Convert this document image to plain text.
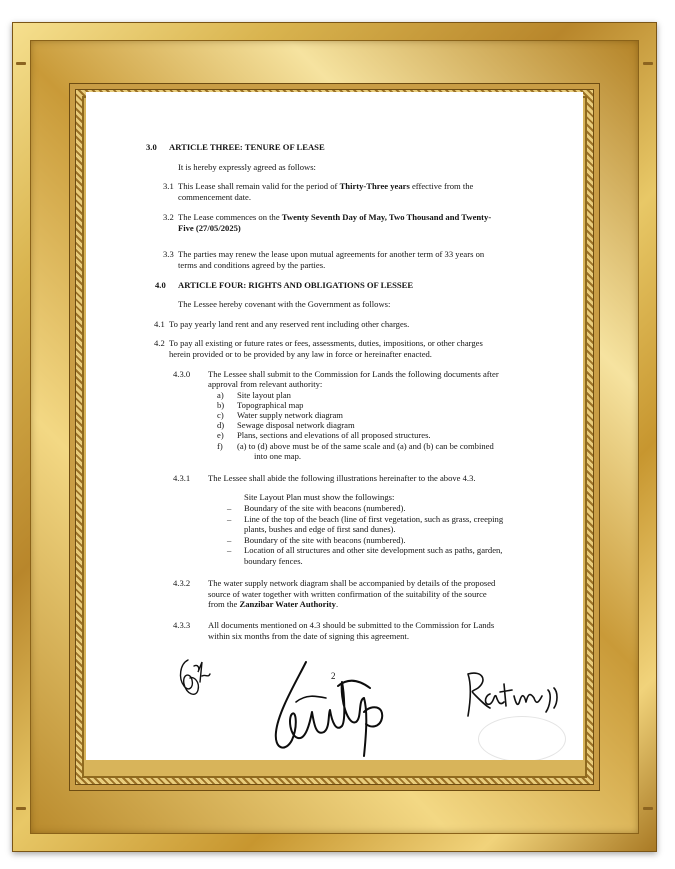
3.0 ARTICLE THREE: TENURE OF LEASE
It is hereby expressly agreed as follows:
3.1 This Lease shall remain valid for the period of Thirty-Three years effective from the
commencement date.
3.2 The Lease commences on the Twenty Seventh Day of May, Two Thousand and Twenty-
Five (27/05/2025)
3.3 The parties may renew the lease upon mutual agreements for another term of 33 years on
terms and conditions agreed by the parties.
4.0 ARTICLE FOUR: RIGHTS AND OBLIGATIONS OF LESSEE
The Lessee hereby covenant with the Government as follows:
4.1 To pay yearly land rent and any reserved rent including other charges.
4.2 To pay all existing or future rates or fees, assessments, duties, impositions, or other charges
herein provided or to be provided by any law in force or hereinafter enacted.
4.3.0 The Lessee shall submit to the Commission for Lands the following documents after
approval from relevant authority:
a) Site layout plan
b) Topographical map
c) Water supply network diagram
d) Sewage disposal network diagram
e) Plans, sections and elevations of all proposed structures.
f) (a) to (d) above must be of the same scale and (a) and (b) can be combined
into one map.
4.3.1 The Lessee shall abide the following illustrations hereinafter to the above 4.3.
Site Layout Plan must show the followings:
– Boundary of the site with beacons (numbered).
– Line of the top of the beach (line of first vegetation, such as grass, creeping
plants, bushes and edge of first sand dunes).
– Boundary of the site with beacons (numbered).
– Location of all structures and other site development such as paths, garden,
boundary fences.
4.3.2 The water supply network diagram shall be accompanied by details of the proposed
source of water together with written confirmation of the suitability of the source
from the Zanzibar Water Authority.
4.3.3 All documents mentioned on 4.3 should be submitted to the Commission for Lands
within six months from the date of signing this agreement.
2
